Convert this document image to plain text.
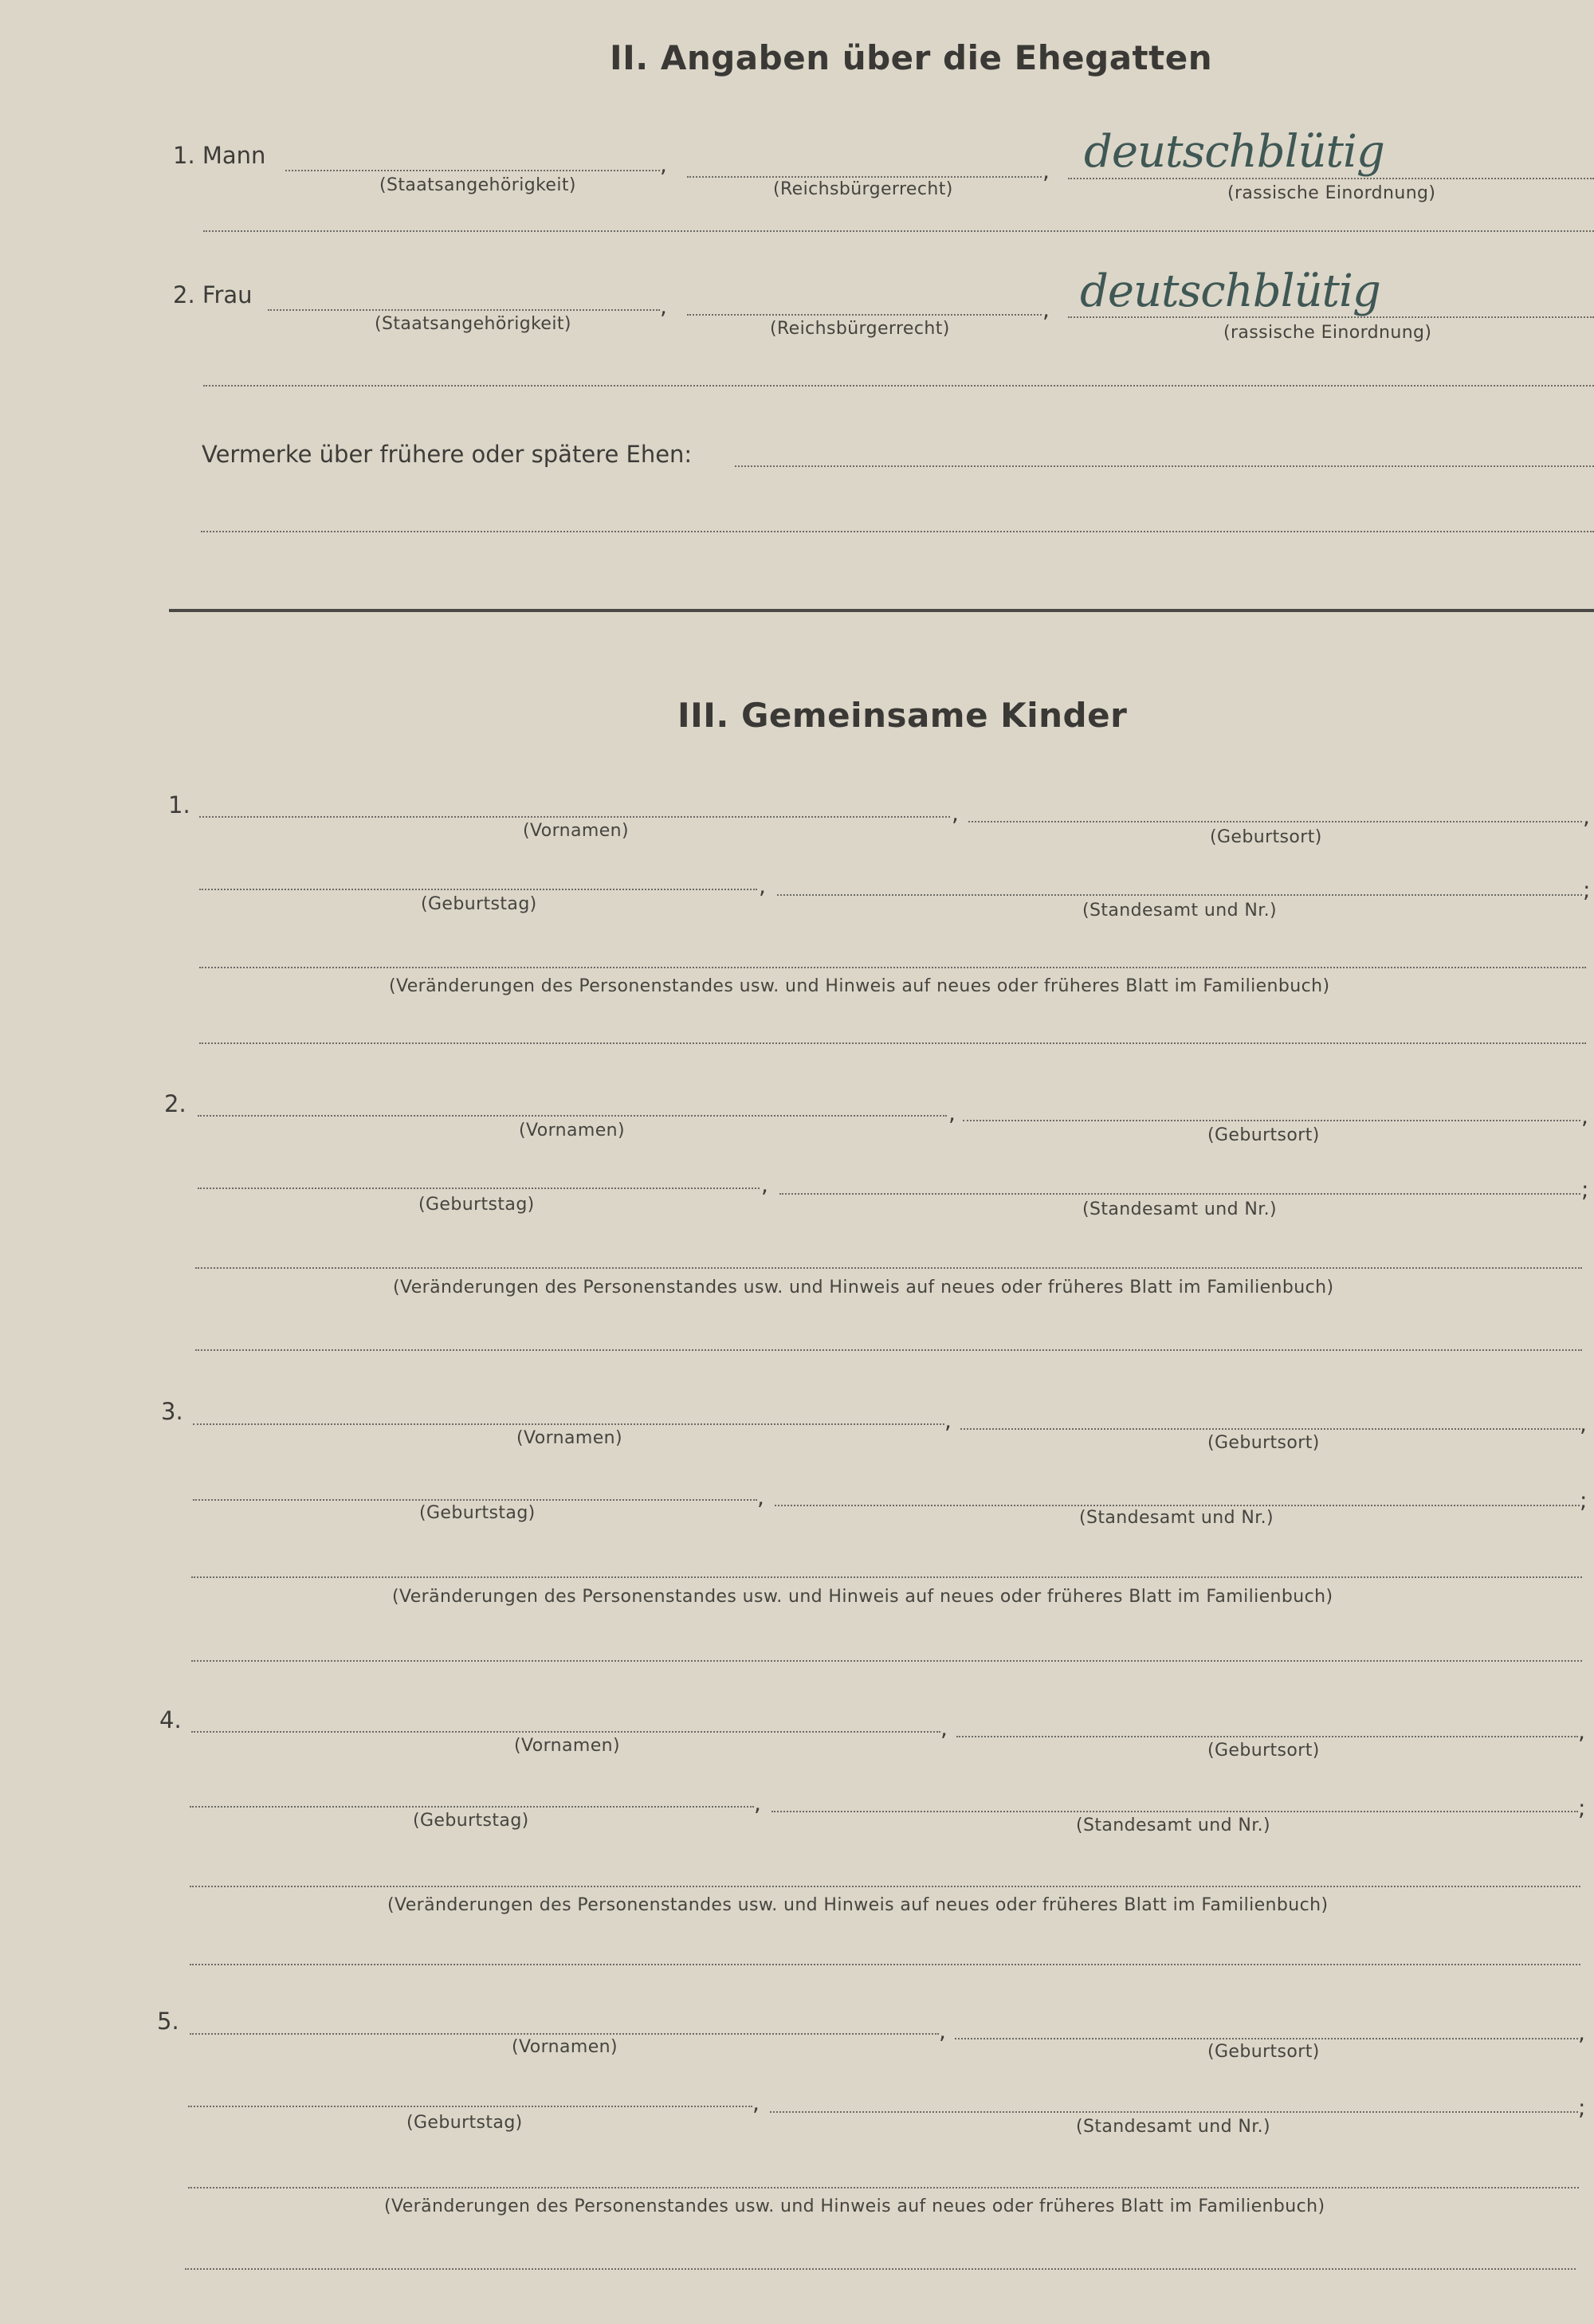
II. Angaben über die Ehegatten
1. Mann	,	, deutschblütig
(Staatsangehörigkeit)	(Reichsbürgerrecht)	(rassische Einordnung)
2. Frau	,	, deutschblütig
(Staatsangehörigkeit)	(Reichsbürgerrecht)	(rassische Einordnung)
Vermerke über frühere oder spätere Ehen:
III. Gemeinsame Kinder
1.	,	,
(Vornamen)	(Geburtsort)
,	;
(Geburtstag)	(Standesamt und Nr.)
(Veränderungen des Personenstandes usw. und Hinweis auf neues oder früheres Blatt im Familienbuch)
2.	,	,
(Vornamen)	(Geburtsort)
,	;
(Geburtstag)	(Standesamt und Nr.)
(Veränderungen des Personenstandes usw. und Hinweis auf neues oder früheres Blatt im Familienbuch)
3.	,	,
(Vornamen)	(Geburtsort)
,	;
(Geburtstag)	(Standesamt und Nr.)
(Veränderungen des Personenstandes usw. und Hinweis auf neues oder früheres Blatt im Familienbuch)
4.	,	,
(Vornamen)	(Geburtsort)
,	;
(Geburtstag)	(Standesamt und Nr.)
(Veränderungen des Personenstandes usw. und Hinweis auf neues oder früheres Blatt im Familienbuch)
5.	,	,
(Vornamen)	(Geburtsort)
,	;
(Geburtstag)	(Standesamt und Nr.)
(Veränderungen des Personenstandes usw. und Hinweis auf neues oder früheres Blatt im Familienbuch)
